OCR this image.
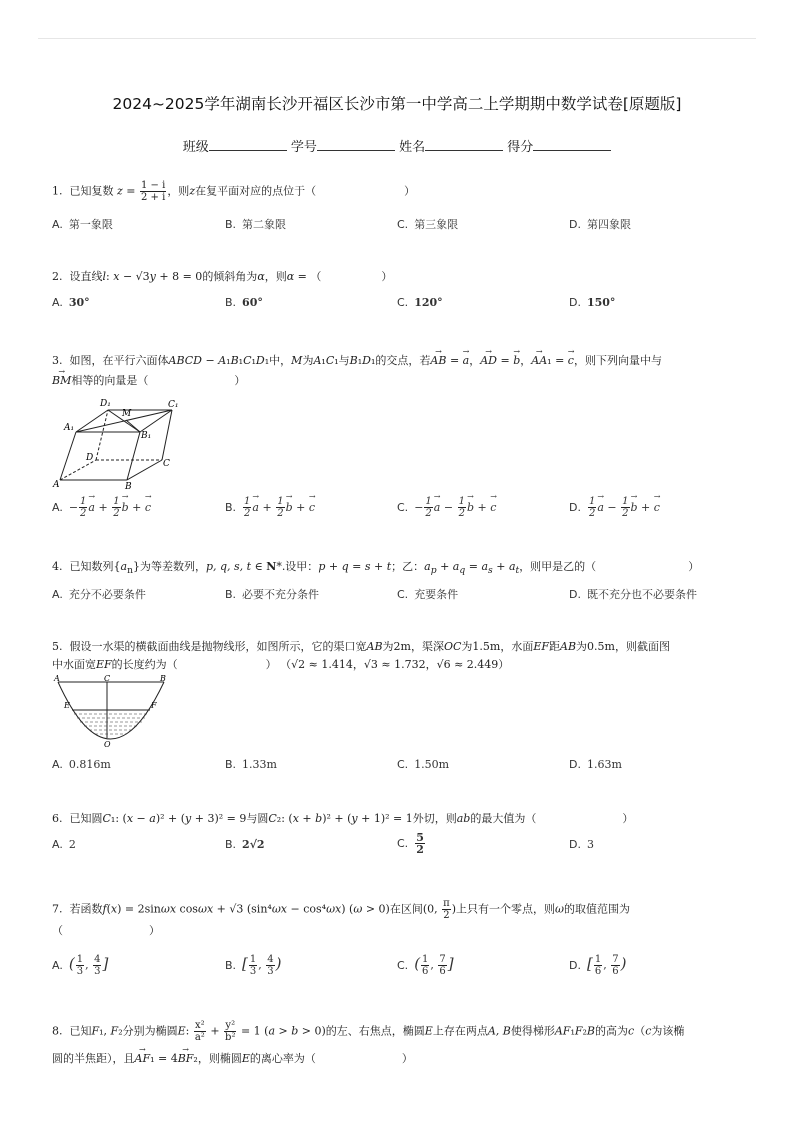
2024~2025学年湖南长沙开福区长沙市第一中学高二上学期期中数学试卷[原题版]
班级	学号	姓名	得分
1. 已知复数 $z = \frac{1 - i}{2 + i}$ ，则z在复平面对应的点位于（	）
A. 第一象限	B. 第二象限	C. 第三象限	D. 第四象限
2. 设直线l: x − √3y + 8 = 0的倾斜角为α，则α = （	）
A. 30°	B. 60°	C. 120°	D. 150°
3. 如图，在平行六面体ABCD − A₁B₁C₁D₁中，M为A₁C₁与B₁D₁的交点，若→ AB = → a，→ AD = → b，→ AA₁ = → c，则下列向量中与
→ BM相等的向量是（	）
D₁
M
C₁
A₁
B₁
D
C
A	B
A. − $\frac{1}{2}$
→ $a + \frac{1}{2}$
→ b + → c	B. $\frac{1}{2}$
→ $a + \frac{1}{2}$
→ b + → c	C. − $\frac{1}{2}$
→ $a - \frac{1}{2}$
→ b + → c	D. $\frac{1}{2}$
→ $a - \frac{1}{2}$
→ b + → c
4. 已知数列$\{a_n\}$为等差数列，p, q, s, t ∈ N*.设甲：p + q = s + t；乙：$a_p + a_q = a_s + a_t$，则甲是乙的（	）
A. 充分不必要条件	B. 必要不充分条件	C. 充要条件	D. 既不充分也不必要条件
5. 假设一水渠的横截面曲线是抛物线形，如图所示，它的渠口宽AB为2m，渠深OC为1.5m，水面EF距AB为0.5m，则截面图
中水面宽EF的长度约为（	） （√2 ≈ 1.414，√3 ≈ 1.732，√6 ≈ 2.449）
A	C	B
E	F
O
A. 0.816m	B. 1.33m	C. 1.50m	D. 1.63m
6. 已知圆C₁: (x − a)² + (y + 3)² = 9与圆C₂: (x + b)² + (y + 1)² = 1外切，则ab的最大值为（	）
A. 2	B. 2√2	C. $\frac{5}{2}$	D. 3
7. 若函数f(x) = 2sinωx cosωx + √3 (sin⁴ωx − cos⁴ωx) (ω > 0)在区间(0, $\frac{\pi}{2}$ )上只有一个零点，则ω的取值范围为
（	）
A. ( $\frac{1}{3}$ , $\frac{4}{3}$ ]	B. [ $\frac{1}{3}$ , $\frac{4}{3}$ )	C. ( $\frac{1}{6}$ , $\frac{7}{6}$ ]	D. [ $\frac{1}{6}$ , $\frac{7}{6}$ )
8. 已知F₁, F₂分别为椭圆E: $\frac{\text{x²}}{\text{a²}} + \frac{\text{y²}}{\text{b²}} = 1$ (a > b > 0)的左、右焦点，椭圆E上存在两点A, B使得梯形AF₁F₂B的高为c（c为该椭
圆的半焦距），且→ AF₁ = 4→ BF₂，则椭圆E的离心率为（	）
